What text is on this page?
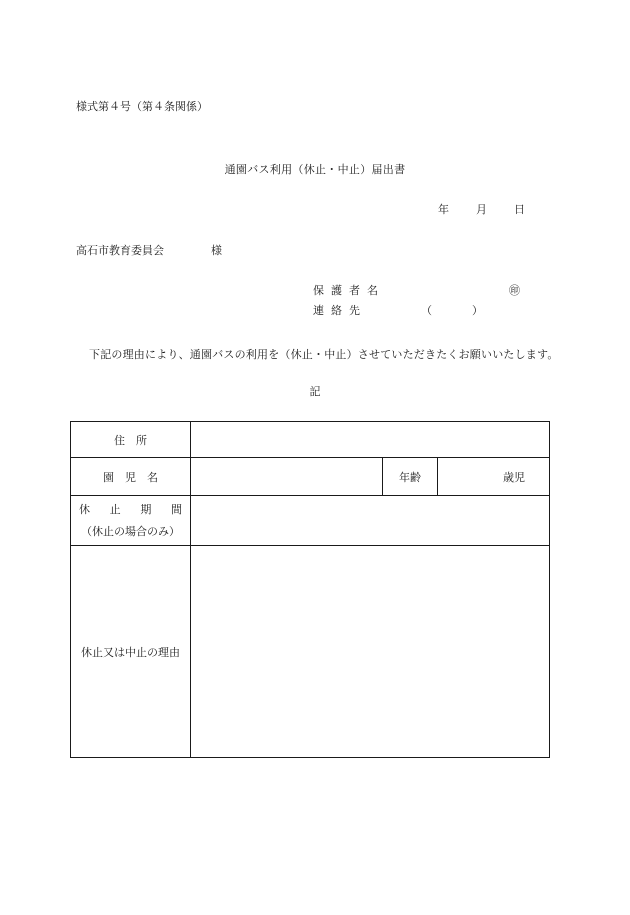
様式第４号（第４条関係）
通園バス利用（休止・中止）届出書
年 月 日
高石市教育委員会	様
保護者名	㊞
連絡先	（	）
下記の理由により、通園バスの利用を（休止・中止）させていただきたくお願いいたします。
記
住　所			
園　児　名		年齢	歳児

休 止 期 間
（休止の場合のみ）			

休止又は中止の理由			
